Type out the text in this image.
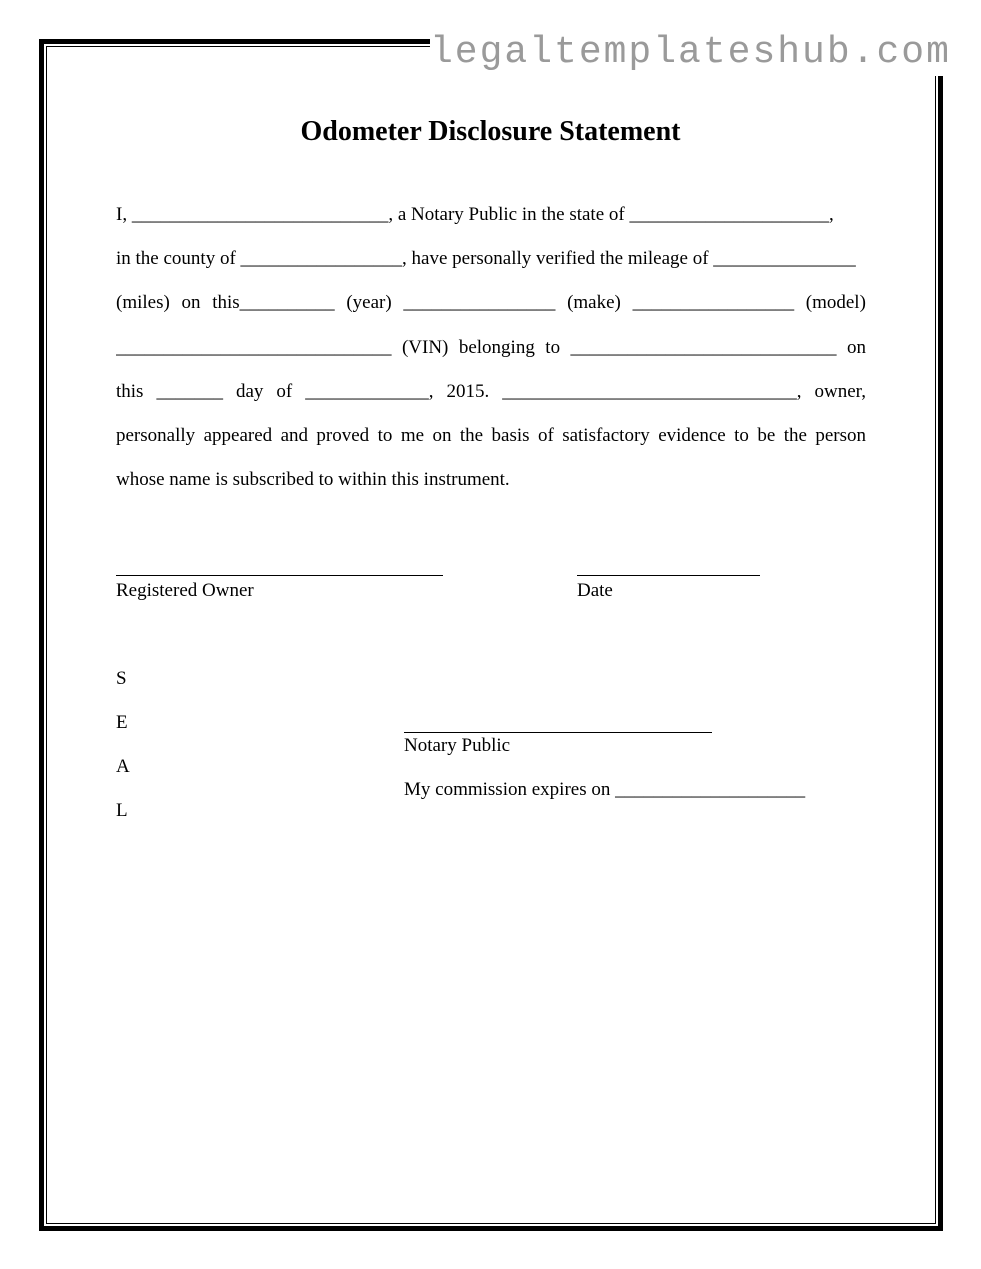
legaltemplateshub.com
Odometer Disclosure Statement
I, ___________________________, a Notary Public in the state of _____________________,
in the county of _________________, have personally verified the mileage of _______________
(miles) on this__________ (year) ________________ (make) _________________ (model)
_____________________________ (VIN) belonging to ____________________________ on
this _______ day of _____________, 2015. _______________________________, owner,
personally appeared and proved to me on the basis of satisfactory evidence to be the person
whose name is subscribed to within this instrument.
Registered Owner	Date
S
E
A
L
Notary Public
My commission expires on ____________________
